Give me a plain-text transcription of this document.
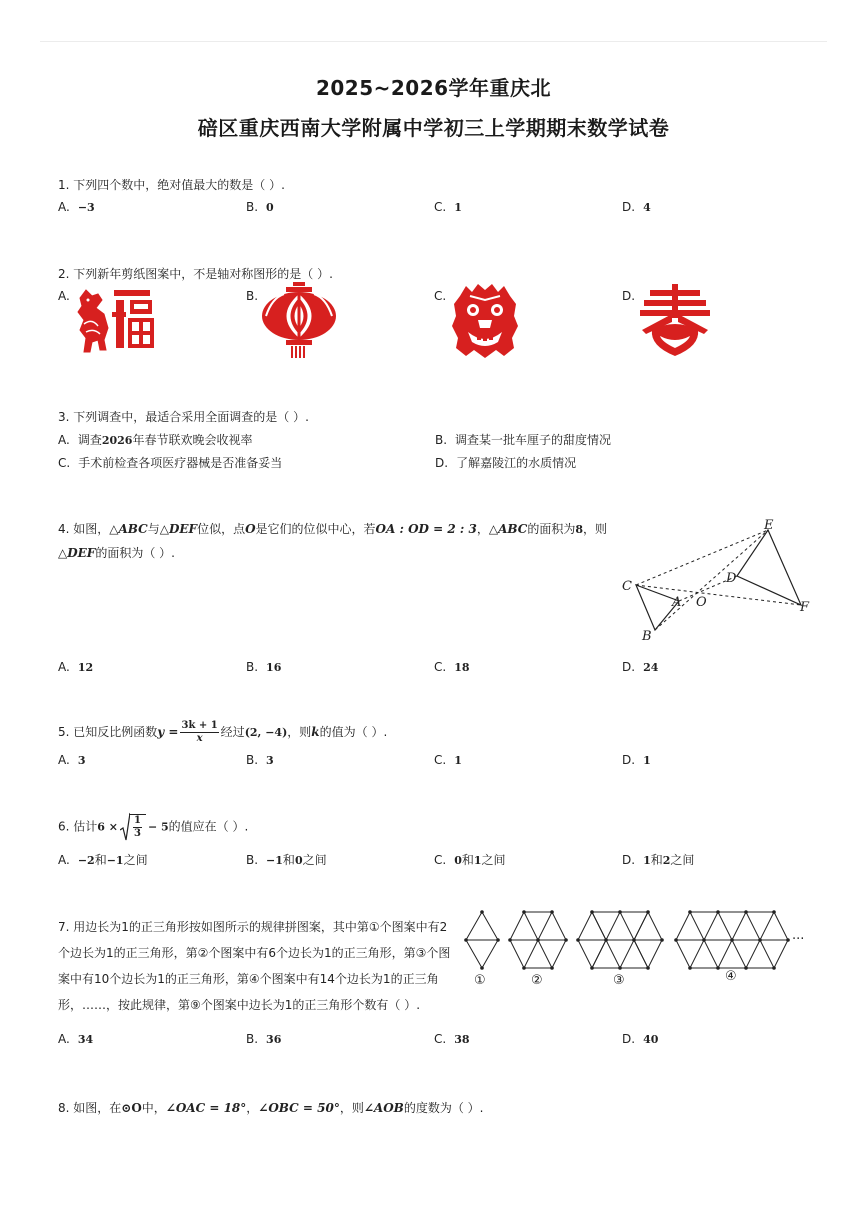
2025~2026学年重庆北
碚区重庆西南大学附属中学初三上学期期末数学试卷
1. 下列四个数中，绝对值最大的数是（ ）.
A. −3	B. 0	C. 1	D. 4
2. 下列新年剪纸图案中，不是轴对称图形的是（ ）.
A.	B.	C.	D.
3. 下列调查中，最适合采用全面调查的是（ ）.
A. 调查2026年春节联欢晚会收视率	B. 调查某一批车厘子的甜度情况
C. 手术前检查各项医疗器械是否准备妥当	D. 了解嘉陵江的水质情况
4. 如图，△ABC与△DEF位似，点O是它们的位似中心，若OA : OD = 2 : 3，△ABC的面积为8，则
△DEF的面积为（ ）.
E
C
D
A O	F
B
A. 12	B. 16	C. 18	D. 24
5. 已知反比例函数$y = \frac{3k + 1}{x}$ 经过(2, −4)，则k的值为（ ）.
A. 3	B. 3	C. 1	D. 1
6. 估计$6 \times \frac{1}{3} - 5$的值应在（ ）.
A. −2和−1之间	B. −1和0之间	C. 0和1之间	D. 1和2之间
7. 用边长为1的正三角形按如图所示的规律拼图案，其中第①个图案中有2个边长为1的正三角形，第②个图案中有6个边长为1的正三角形，第③个图案中有10个边长为1的正三角形，第④个图案中有14个边长为1的正三角形，……，按此规律，第⑨个图案中边长为1的正三角形个数有（ ）.
①	②	③	④
···
A. 34	B. 36	C. 38	D. 40
8. 如图，在⊙O中，∠OAC = 18°，∠OBC = 50°，则∠AOB的度数为（ ）.
